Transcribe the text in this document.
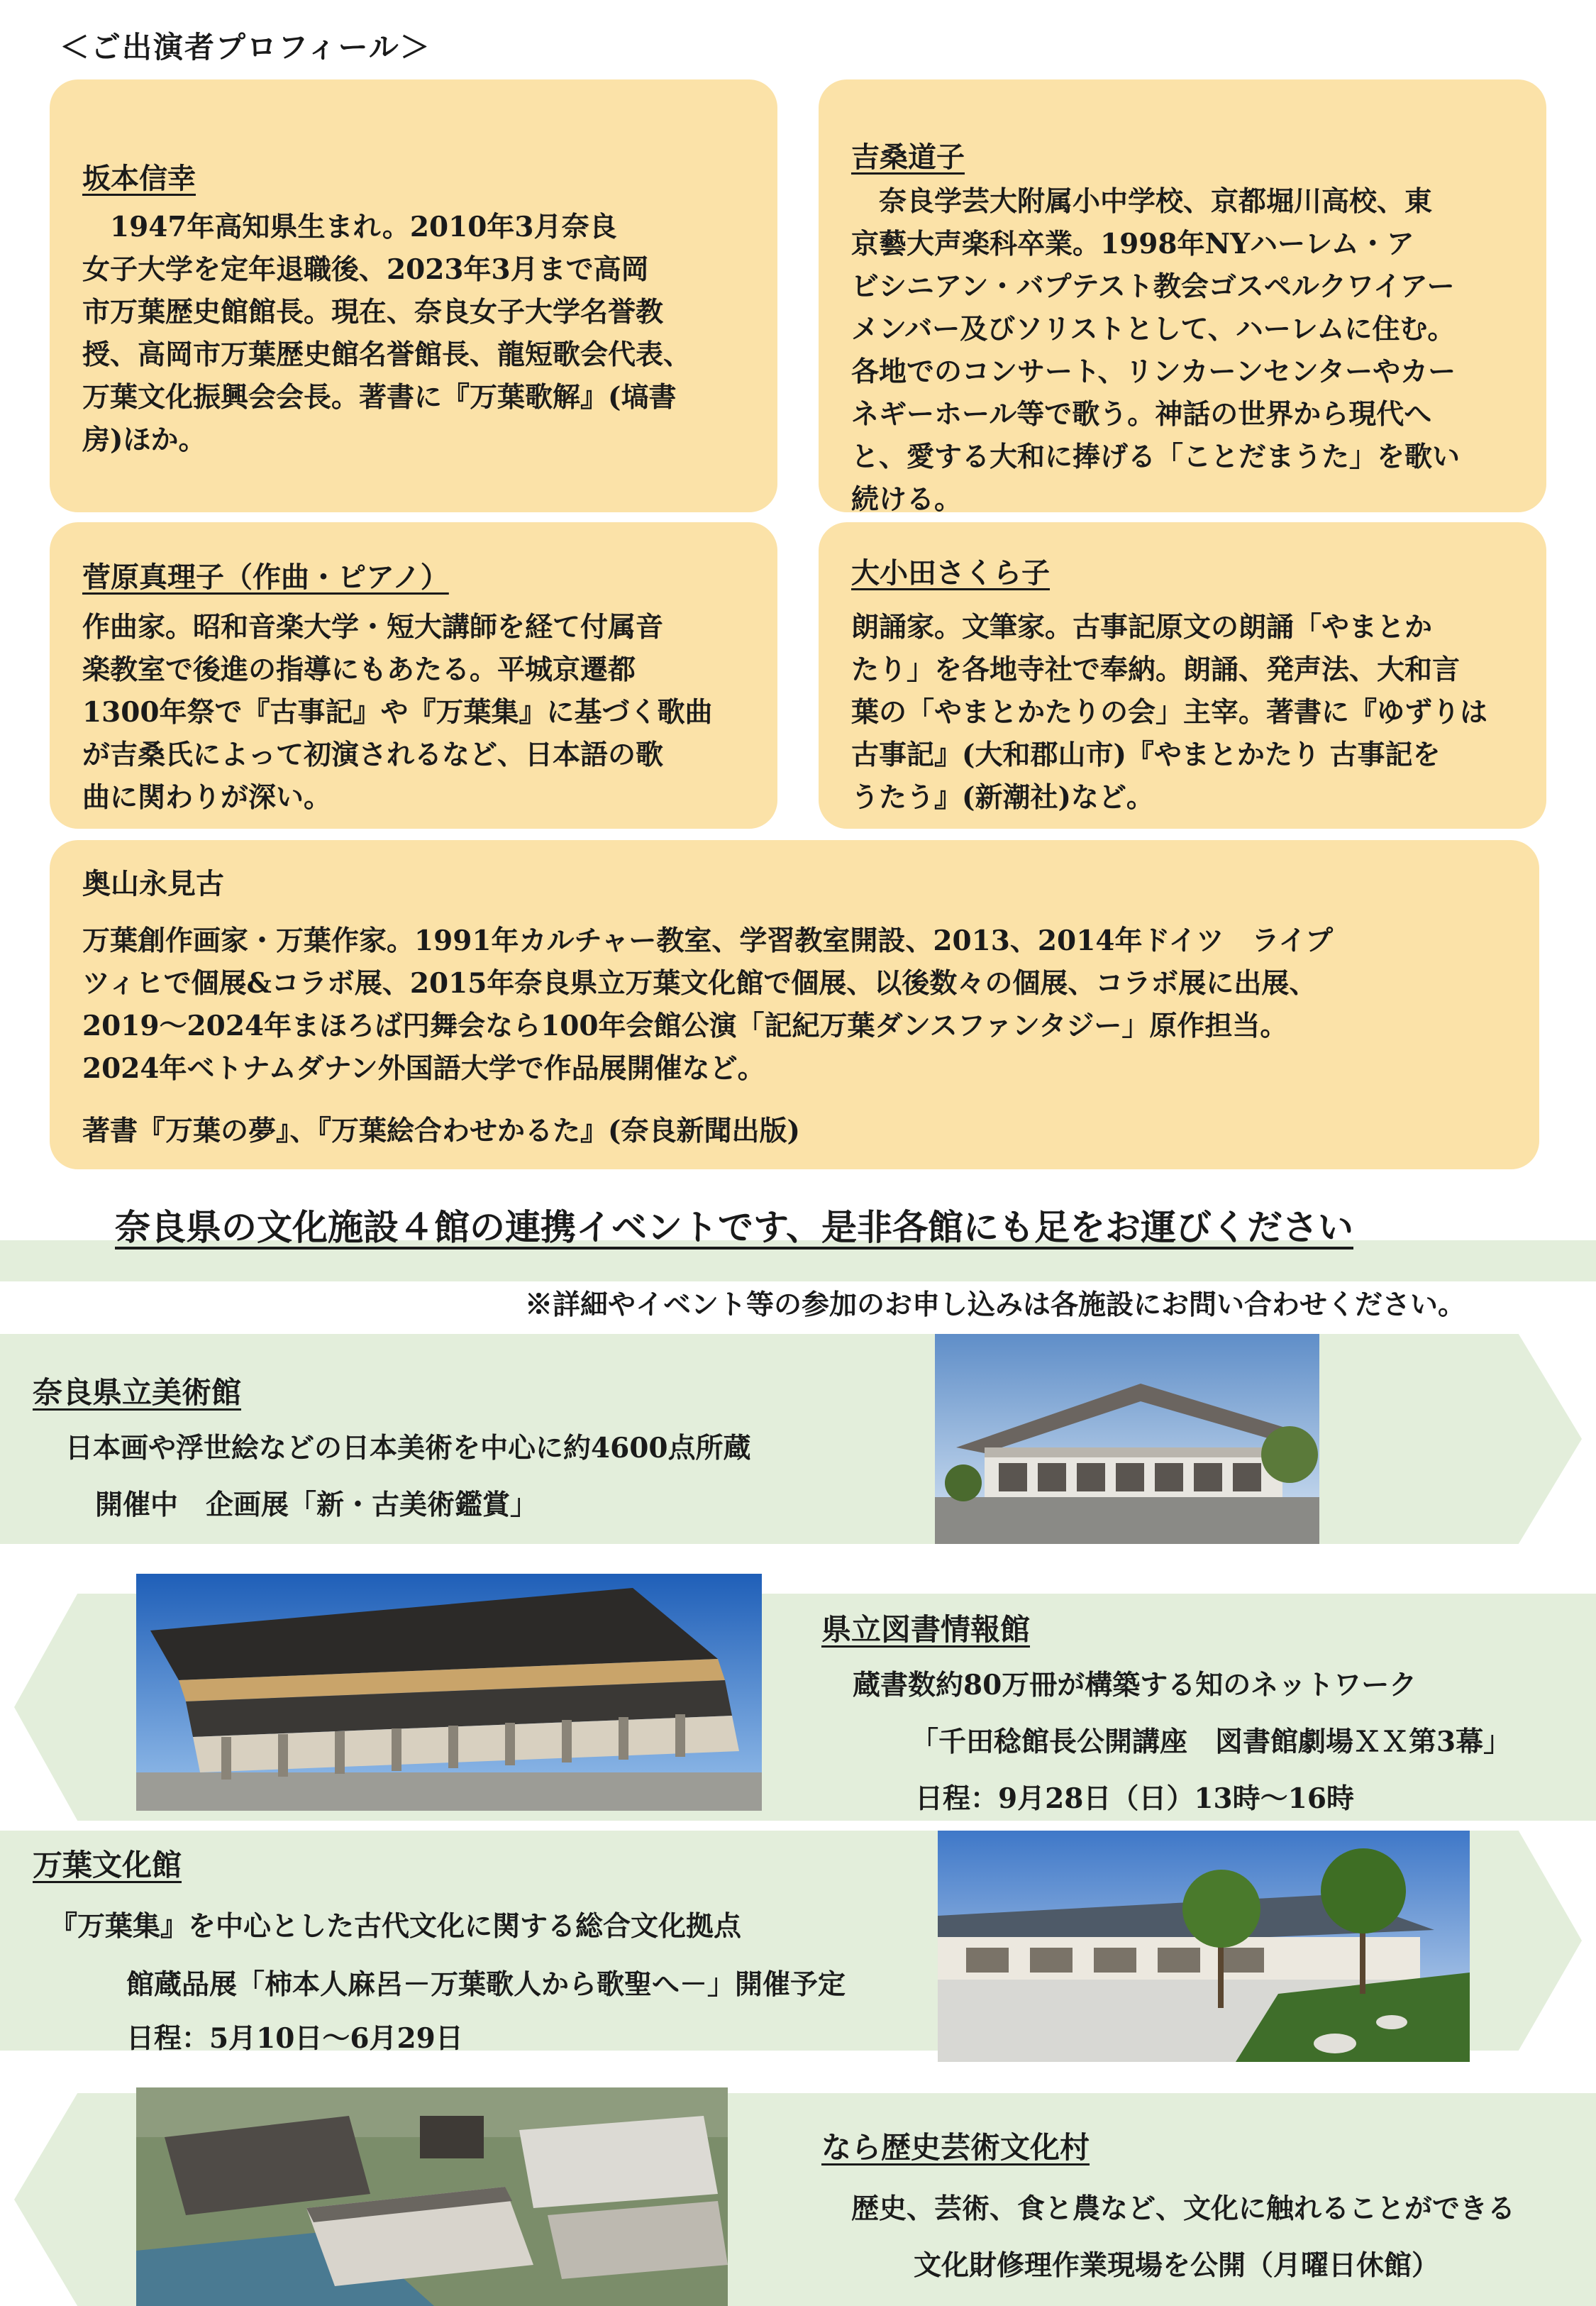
＜ご出演者プロフィール＞
坂本信幸
　1947年高知県生まれ。2010年3月奈良
女子大学を定年退職後、2023年3月まで高岡
市万葉歴史館館長。現在、奈良女子大学名誉教
授、高岡市万葉歴史館名誉館長、龍短歌会代表、
万葉文化振興会会長。著書に『万葉歌解』(塙書
房)ほか。
吉桑道子
　奈良学芸大附属小中学校、京都堀川高校、東
京藝大声楽科卒業。1998年NYハーレム・ア
ビシニアン・バプテスト教会ゴスペルクワイアー
メンバー及びソリストとして、ハーレムに住む。
各地でのコンサート、リンカーンセンターやカー
ネギーホール等で歌う。神話の世界から現代へ
と、愛する大和に捧げる「ことだまうた」を歌い
続ける。
菅原真理子（作曲・ピアノ）
作曲家。昭和音楽大学・短大講師を経て付属音
楽教室で後進の指導にもあたる。平城京遷都
1300年祭で『古事記』や『万葉集』に基づく歌曲
が吉桑氏によって初演されるなど、日本語の歌
曲に関わりが深い。
大小田さくら子
朗誦家。文筆家。古事記原文の朗誦「やまとか
たり」を各地寺社で奉納。朗誦、発声法、大和言
葉の「やまとかたりの会」主宰。著書に『ゆずりは
古事記』(大和郡山市)『やまとかたり 古事記を
うたう』(新潮社)など。
奥山永見古
万葉創作画家・万葉作家。1991年カルチャー教室、学習教室開設、2013、2014年ドイツ　ライプ
ツィヒで個展&コラボ展、2015年奈良県立万葉文化館で個展、以後数々の個展、コラボ展に出展、
2019～2024年まほろば円舞会なら100年会館公演「記紀万葉ダンスファンタジー」原作担当。
2024年ベトナムダナン外国語大学で作品展開催など。
著書『万葉の夢』、『万葉絵合わせかるた』(奈良新聞出版)
奈良県の文化施設４館の連携イベントです、是非各館にも足をお運びください
※詳細やイベント等の参加のお申し込みは各施設にお問い合わせください。
奈良県立美術館
日本画や浮世絵などの日本美術を中心に約4600点所蔵
開催中　企画展「新・古美術鑑賞」
県立図書情報館
蔵書数約80万冊が構築する知のネットワーク
「千田稔館長公開講座　図書館劇場ＸＸ第3幕」
日程：9月28日（日）13時～16時
万葉文化館
『万葉集』を中心とした古代文化に関する総合文化拠点
館蔵品展「柿本人麻呂－万葉歌人から歌聖へ－」開催予定
日程：5月10日～6月29日
なら歴史芸術文化村
歴史、芸術、食と農など、文化に触れることができる
文化財修理作業現場を公開（月曜日休館）
